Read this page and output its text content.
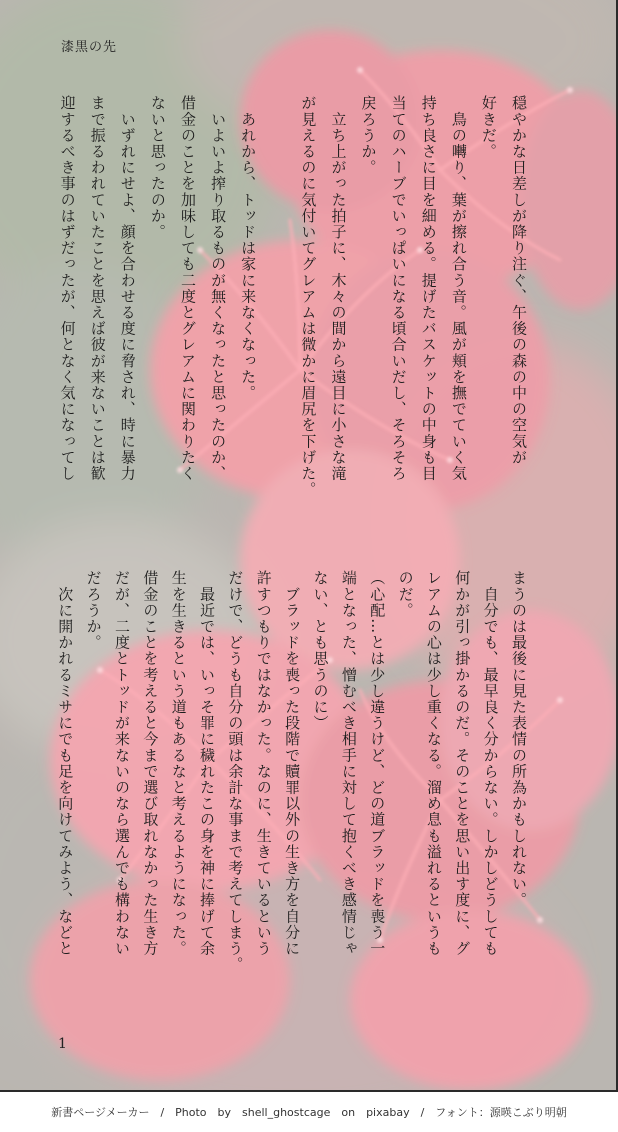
漆黒の先
穏やかな日差しが降り注ぐ、午後の森の中の空気が
好きだ。
　鳥の囀り、葉が擦れ合う音。風が頬を撫でていく気
持ち良さに目を細める。提げたバスケットの中身も目
当てのハーブでいっぱいになる頃合いだし、そろそろ
戻ろうか。
　立ち上がった拍子に、木々の間から遠目に小さな滝
が見えるのに気付いてグレアムは微かに眉尻を下げた。
　あれから、トッドは家に来なくなった。
　いよいよ搾り取るものが無くなったと思ったのか、
借金のことを加味しても二度とグレアムに関わりたく
ないと思ったのか。
　いずれにせよ、顔を合わせる度に脅され、時に暴力
まで振るわれていたことを思えば彼が来ないことは歓
迎するべき事のはずだったが、何となく気になってし
まうのは最後に見た表情の所為かもしれない。
　自分でも、最早良く分からない。しかしどうしても
何かが引っ掛かるのだ。そのことを思い出す度に、グ
レアムの心は少し重くなる。溜め息も溢れるというも
のだ。
（心配…とは少し違うけど、どの道ブラッドを喪う一
端となった、憎むべき相手に対して抱くべき感情じゃ
ない、とも思うのに）
　ブラッドを喪った段階で贖罪以外の生き方を自分に
許すつもりではなかった。なのに、生きているという
だけで、どうも自分の頭は余計な事まで考えてしまう。
　最近では、いっそ罪に穢れたこの身を神に捧げて余
生を生きるという道もあるなと考えるようになった。
借金のことを考えると今まで選び取れなかった生き方
だが、二度とトッドが来ないのなら選んでも構わない
だろうか。
　次に開かれるミサにでも足を向けてみよう、などと
1
新書ページメーカー　/　Photo　by　shell_ghostcage　on　pixabay　/　フォント：源暎こぶり明朝
